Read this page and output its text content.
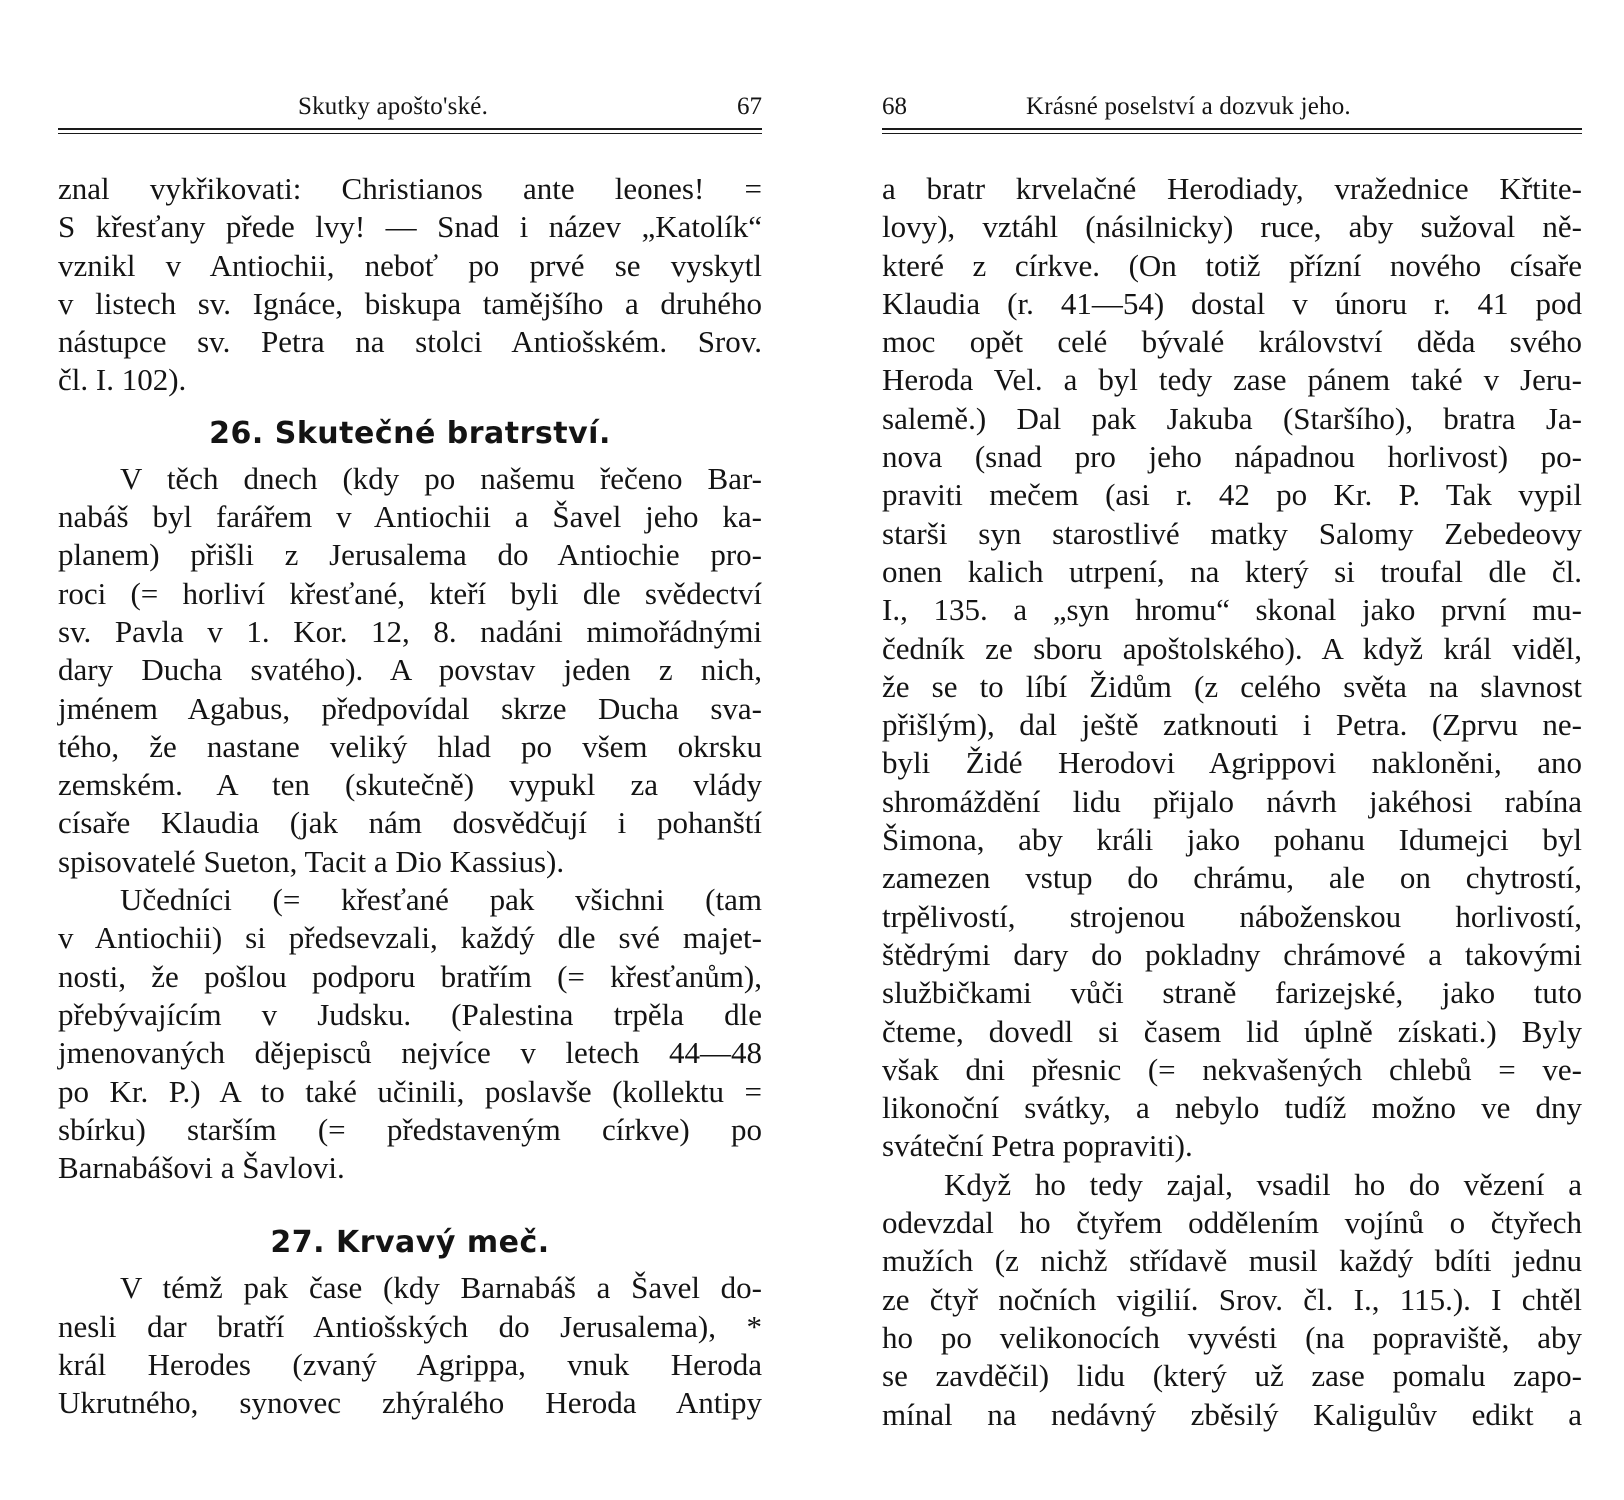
Skutky apošto'ské.	67
znal vykřikovati: Christianos ante leones! =
S křesťany přede lvy! — Snad i název „Katolík“
vznikl v Antiochii, neboť po prvé se vyskytl
v listech sv. Ignáce, biskupa tamějšího a druhého
nástupce sv. Petra na stolci Antiošském. Srov.
čl. I. 102).
26. Skutečné bratrství.
V těch dnech (kdy po našemu řečeno Bar-
nabáš byl farářem v Antiochii a Šavel jeho ka-
planem) přišli z Jerusalema do Antiochie pro-
roci (= horliví křesťané, kteří byli dle svědectví
sv. Pavla v 1. Kor. 12, 8. nadáni mimořádnými
dary Ducha svatého). A povstav jeden z nich,
jménem Agabus, předpovídal skrze Ducha sva-
tého, že nastane veliký hlad po všem okrsku
zemském. A ten (skutečně) vypukl za vlády
císaře Klaudia (jak nám dosvědčují i pohanští
spisovatelé Sueton, Tacit a Dio Kassius).
Učedníci (= křesťané pak všichni (tam
v Antiochii) si předsevzali, každý dle své majet-
nosti, že pošlou podporu bratřím (= křesťanům),
přebývajícím v Judsku. (Palestina trpěla dle
jmenovaných dějepisců nejvíce v letech 44—48
po Kr. P.) A to také učinili, poslavše (kollektu =
sbírku) starším (= představeným církve) po
Barnabášovi a Šavlovi.
27. Krvavý meč.
V témž pak čase (kdy Barnabáš a Šavel do-
nesli dar bratří Antiošských do Jerusalema), *
král Herodes (zvaný Agrippa, vnuk Heroda
Ukrutného, synovec zhýralého Heroda Antipy
68	Krásné poselství a dozvuk jeho.
a bratr krvelačné Herodiady, vražednice Křtite-
lovy), vztáhl (násilnicky) ruce, aby sužoval ně-
které z církve. (On totiž přízní nového císaře
Klaudia (r. 41—54) dostal v únoru r. 41 pod
moc opět celé bývalé království děda svého
Heroda Vel. a byl tedy zase pánem také v Jeru-
salemě.) Dal pak Jakuba (Staršího), bratra Ja-
nova (snad pro jeho nápadnou horlivost) po-
praviti mečem (asi r. 42 po Kr. P. Tak vypil
starši syn starostlivé matky Salomy Zebedeovy
onen kalich utrpení, na který si troufal dle čl.
I., 135. a „syn hromu“ skonal jako první mu-
čedník ze sboru apoštolského). A když král viděl,
že se to líbí Židům (z celého světa na slavnost
přišlým), dal ještě zatknouti i Petra. (Zprvu ne-
byli Židé Herodovi Agrippovi nakloněni, ano
shromáždění lidu přijalo návrh jakéhosi rabína
Šimona, aby králi jako pohanu Idumejci byl
zamezen vstup do chrámu, ale on chytrostí,
trpělivostí, strojenou náboženskou horlivostí,
štědrými dary do pokladny chrámové a takovými
službičkami vůči straně farizejské, jako tuto
čteme, dovedl si časem lid úplně získati.) Byly
však dni přesnic (= nekvašených chlebů = ve-
likonoční svátky, a nebylo tudíž možno ve dny
sváteční Petra popraviti).
Když ho tedy zajal, vsadil ho do vězení a
odevzdal ho čtyřem oddělením vojínů o čtyřech
mužích (z nichž střídavě musil každý bdíti jednu
ze čtyř nočních vigilií. Srov. čl. I., 115.). I chtěl
ho po velikonocích vyvésti (na popraviště, aby
se zavděčil) lidu (který už zase pomalu zapo-
mínal na nedávný zběsilý Kaligulův edikt a
